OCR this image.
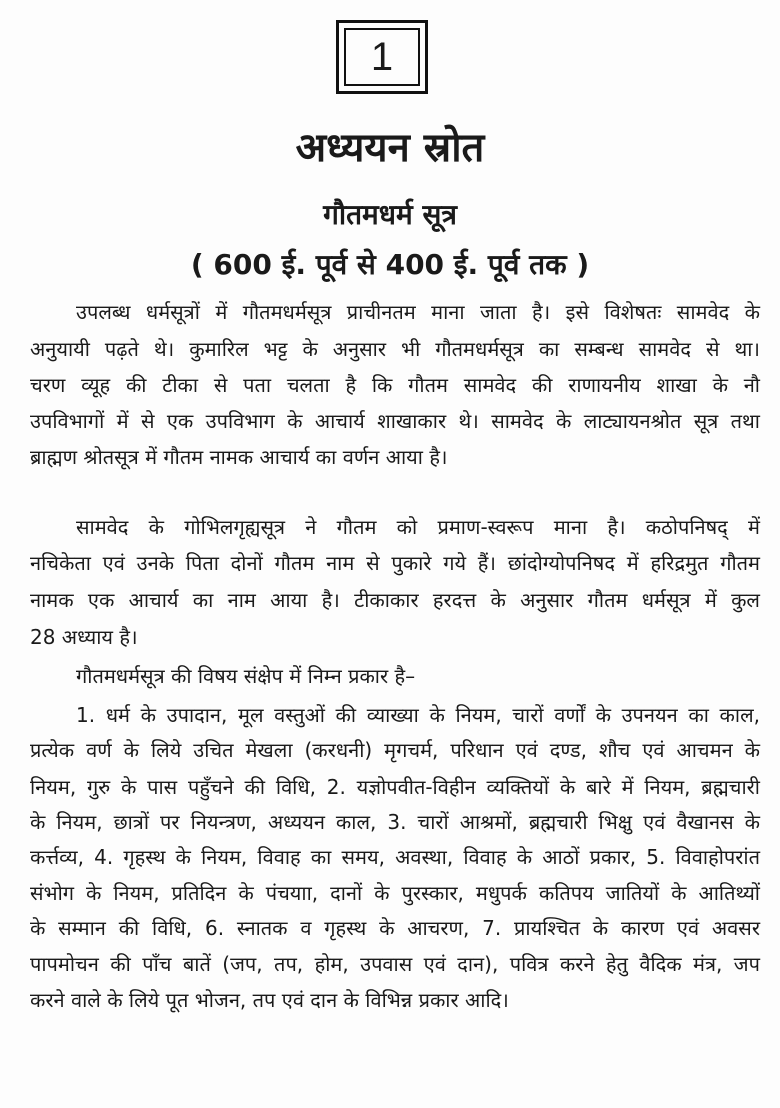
1
अध्ययन स्रोत
गौतमधर्म सूत्र
( 600 ई. पूर्व से 400 ई. पूर्व तक )
उपलब्ध धर्मसूत्रों में गौतमधर्मसूत्र प्राचीनतम माना जाता है। इसे विशेषतः सामवेद के
अनुयायी पढ़ते थे। कुमारिल भट्ट के अनुसार भी गौतमधर्मसूत्र का सम्बन्ध सामवेद से था।
चरण व्यूह की टीका से पता चलता है कि गौतम सामवेद की राणायनीय शाखा के नौ
उपविभागों में से एक उपविभाग के आचार्य शाखाकार थे। सामवेद के लाट्यायनश्रोत सूत्र तथा
ब्राह्मण श्रोतसूत्र में गौतम नामक आचार्य का वर्णन आया है।
सामवेद के गोभिलगृह्यसूत्र ने गौतम को प्रमाण-स्वरूप माना है। कठोपनिषद् में
नचिकेता एवं उनके पिता दोनों गौतम नाम से पुकारे गये हैं। छांदोग्योपनिषद में हरिद्रमुत गौतम
नामक एक आचार्य का नाम आया है। टीकाकार हरदत्त के अनुसार गौतम धर्मसूत्र में कुल
28 अध्याय है।
गौतमधर्मसूत्र की विषय संक्षेप में निम्न प्रकार है–
1. धर्म के उपादान, मूल वस्तुओं की व्याख्या के नियम, चारों वर्णों के उपनयन का काल,
प्रत्येक वर्ण के लिये उचित मेखला (करधनी) मृगचर्म, परिधान एवं दण्ड, शौच एवं आचमन के
नियम, गुरु के पास पहुँचने की विधि, 2. यज्ञोपवीत-विहीन व्यक्तियों के बारे में नियम, ब्रह्मचारी
के नियम, छात्रों पर नियन्त्रण, अध्ययन काल, 3. चारों आश्रमों, ब्रह्मचारी भिक्षु एवं वैखानस के
कर्त्तव्य, 4. गृहस्थ के नियम, विवाह का समय, अवस्था, विवाह के आठों प्रकार, 5. विवाहोपरांत
संभोग के नियम, प्रतिदिन के पंचयाा, दानों के पुरस्कार, मधुपर्क कतिपय जातियों के आतिथ्यों
के सम्मान की विधि, 6. स्नातक व गृहस्थ के आचरण, 7. प्रायश्चित के कारण एवं अवसर
पापमोचन की पाँच बातें (जप, तप, होम, उपवास एवं दान), पवित्र करने हेतु वैदिक मंत्र, जप
करने वाले के लिये पूत भोजन, तप एवं दान के विभिन्न प्रकार आदि।
